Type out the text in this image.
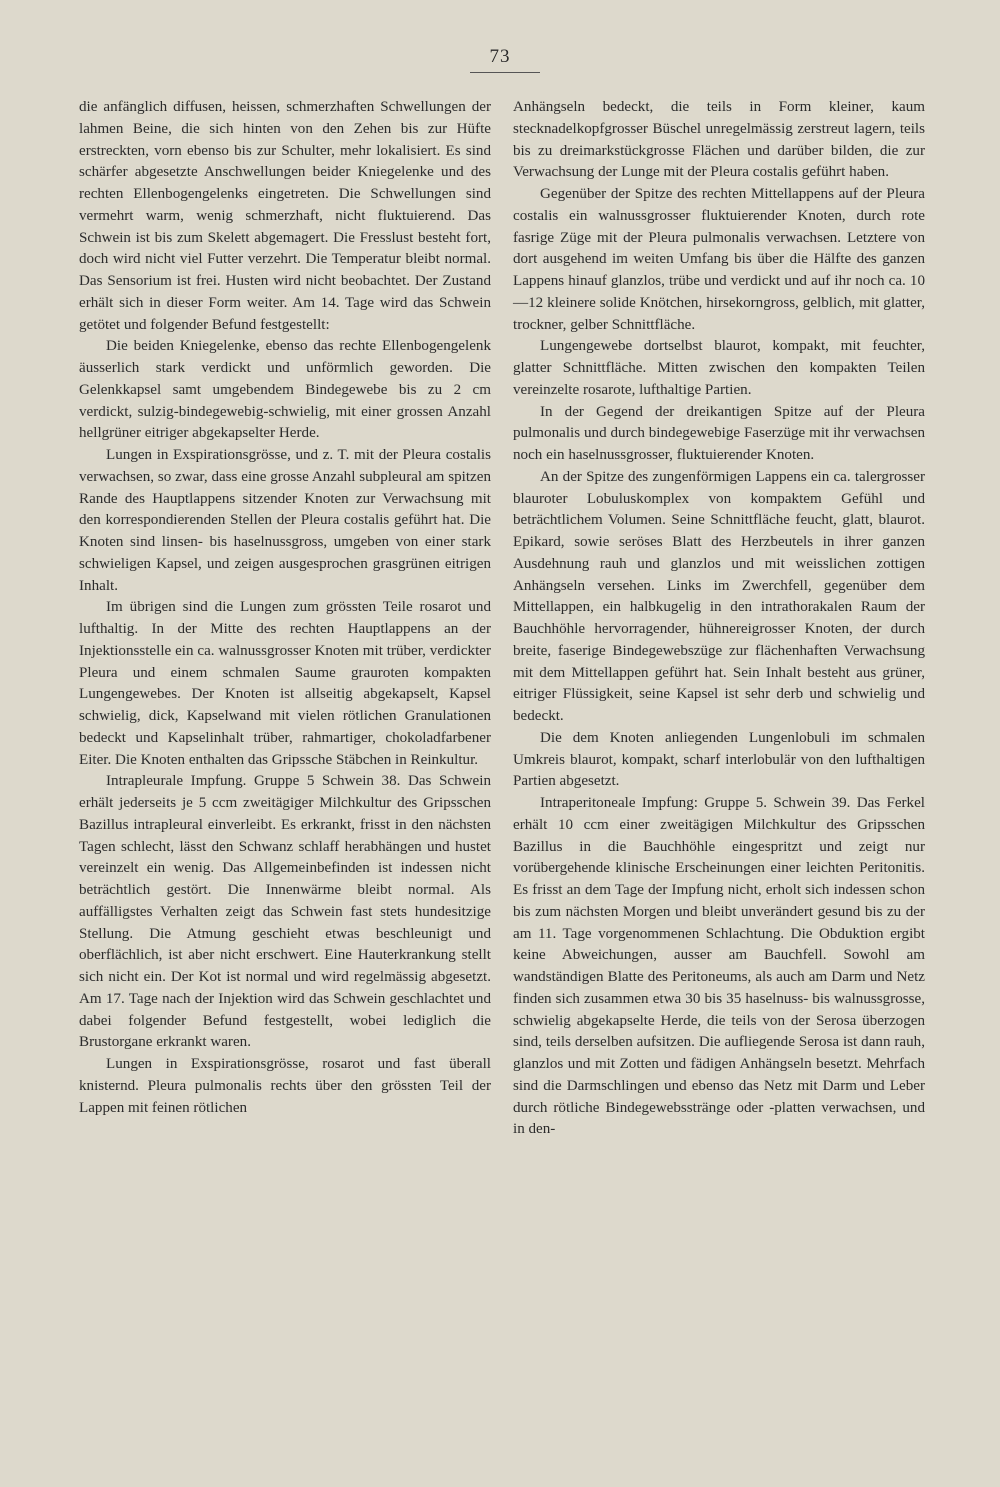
73

die anfänglich diffusen, heissen, schmerzhaften Schwellungen der lahmen Beine, die sich hinten von den Zehen bis zur Hüfte erstreckten, vorn ebenso bis zur Schulter, mehr lokalisiert. Es sind schärfer abgesetzte Anschwellungen beider Kniegelenke und des rechten Ellenbogengelenks eingetreten. Die Schwellungen sind vermehrt warm, wenig schmerzhaft, nicht fluktuierend. Das Schwein ist bis zum Skelett abgemagert. Die Fresslust besteht fort, doch wird nicht viel Futter verzehrt. Die Temperatur bleibt normal. Das Sensorium ist frei. Husten wird nicht beobachtet. Der Zustand erhält sich in dieser Form weiter. Am 14. Tage wird das Schwein getötet und folgender Befund festgestellt:

Die beiden Kniegelenke, ebenso das rechte Ellenbogengelenk äusserlich stark verdickt und unförmlich geworden. Die Gelenkkapsel samt umgebendem Bindegewebe bis zu 2 cm verdickt, sulzig-bindegewebig-schwielig, mit einer grossen Anzahl hellgrüner eitriger abgekapselter Herde.

Lungen in Exspirationsgrösse, und z. T. mit der Pleura costalis verwachsen, so zwar, dass eine grosse Anzahl subpleural am spitzen Rande des Hauptlappens sitzender Knoten zur Verwachsung mit den korrespondierenden Stellen der Pleura costalis geführt hat. Die Knoten sind linsen- bis haselnussgross, umgeben von einer stark schwieligen Kapsel, und zeigen ausgesprochen grasgrünen eitrigen Inhalt.

Im übrigen sind die Lungen zum grössten Teile rosarot und lufthaltig. In der Mitte des rechten Hauptlappens an der Injektionsstelle ein ca. walnussgrosser Knoten mit trüber, verdickter Pleura und einem schmalen Saume grauroten kompakten Lungengewebes. Der Knoten ist allseitig abgekapselt, Kapsel schwielig, dick, Kapselwand mit vielen rötlichen Granulationen bedeckt und Kapselinhalt trüber, rahmartiger, chokoladfarbener Eiter. Die Knoten enthalten das Gripssche Stäbchen in Reinkultur.

Intrapleurale Impfung. Gruppe 5 Schwein 38. Das Schwein erhält jederseits je 5 ccm zweitägiger Milchkultur des Gripsschen Bazillus intrapleural einverleibt. Es erkrankt, frisst in den nächsten Tagen schlecht, lässt den Schwanz schlaff herabhängen und hustet vereinzelt ein wenig. Das Allgemeinbefinden ist indessen nicht beträchtlich gestört. Die Innenwärme bleibt normal. Als auffälligstes Verhalten zeigt das Schwein fast stets hundesitzige Stellung. Die Atmung geschieht etwas beschleunigt und oberflächlich, ist aber nicht erschwert. Eine Hauterkrankung stellt sich nicht ein. Der Kot ist normal und wird regelmässig abgesetzt. Am 17. Tage nach der Injektion wird das Schwein geschlachtet und dabei folgender Befund festgestellt, wobei lediglich die Brustorgane erkrankt waren.

Lungen in Exspirationsgrösse, rosarot und fast überall knisternd. Pleura pulmonalis rechts über den grössten Teil der Lappen mit feinen rötlichen

Anhängseln bedeckt, die teils in Form kleiner, kaum stecknadelkopfgrosser Büschel unregelmässig zerstreut lagern, teils bis zu dreimarkstückgrosse Flächen und darüber bilden, die zur Verwachsung der Lunge mit der Pleura costalis geführt haben.

Gegenüber der Spitze des rechten Mittellappens auf der Pleura costalis ein walnussgrosser fluktuierender Knoten, durch rote fasrige Züge mit der Pleura pulmonalis verwachsen. Letztere von dort ausgehend im weiten Umfang bis über die Hälfte des ganzen Lappens hinauf glanzlos, trübe und verdickt und auf ihr noch ca. 10—12 kleinere solide Knötchen, hirsekorngross, gelblich, mit glatter, trockner, gelber Schnittfläche.

Lungengewebe dortselbst blaurot, kompakt, mit feuchter, glatter Schnittfläche. Mitten zwischen den kompakten Teilen vereinzelte rosarote, lufthaltige Partien.

In der Gegend der dreikantigen Spitze auf der Pleura pulmonalis und durch bindegewebige Faserzüge mit ihr verwachsen noch ein haselnussgrosser, fluktuierender Knoten.

An der Spitze des zungenförmigen Lappens ein ca. talergrosser blauroter Lobuluskomplex von kompaktem Gefühl und beträchtlichem Volumen. Seine Schnittfläche feucht, glatt, blaurot. Epikard, sowie seröses Blatt des Herzbeutels in ihrer ganzen Ausdehnung rauh und glanzlos und mit weisslichen zottigen Anhängseln versehen. Links im Zwerchfell, gegenüber dem Mittellappen, ein halbkugelig in den intrathorakalen Raum der Bauchhöhle hervorragender, hühnereigrosser Knoten, der durch breite, faserige Bindegewebszüge zur flächenhaften Verwachsung mit dem Mittellappen geführt hat. Sein Inhalt besteht aus grüner, eitriger Flüssigkeit, seine Kapsel ist sehr derb und schwielig und bedeckt.

Die dem Knoten anliegenden Lungenlobuli im schmalen Umkreis blaurot, kompakt, scharf interlobulär von den lufthaltigen Partien abgesetzt.

Intraperitoneale Impfung: Gruppe 5. Schwein 39. Das Ferkel erhält 10 ccm einer zweitägigen Milchkultur des Gripsschen Bazillus in die Bauchhöhle eingespritzt und zeigt nur vorübergehende klinische Erscheinungen einer leichten Peritonitis. Es frisst an dem Tage der Impfung nicht, erholt sich indessen schon bis zum nächsten Morgen und bleibt unverändert gesund bis zu der am 11. Tage vorgenommenen Schlachtung. Die Obduktion ergibt keine Abweichungen, ausser am Bauchfell. Sowohl am wandständigen Blatte des Peritoneums, als auch am Darm und Netz finden sich zusammen etwa 30 bis 35 haselnuss- bis walnussgrosse, schwielig abgekapselte Herde, die teils von der Serosa überzogen sind, teils derselben aufsitzen. Die aufliegende Serosa ist dann rauh, glanzlos und mit Zotten und fädigen Anhängseln besetzt. Mehrfach sind die Darmschlingen und ebenso das Netz mit Darm und Leber durch rötliche Bindegewebsstränge oder -platten verwachsen, und in den-
